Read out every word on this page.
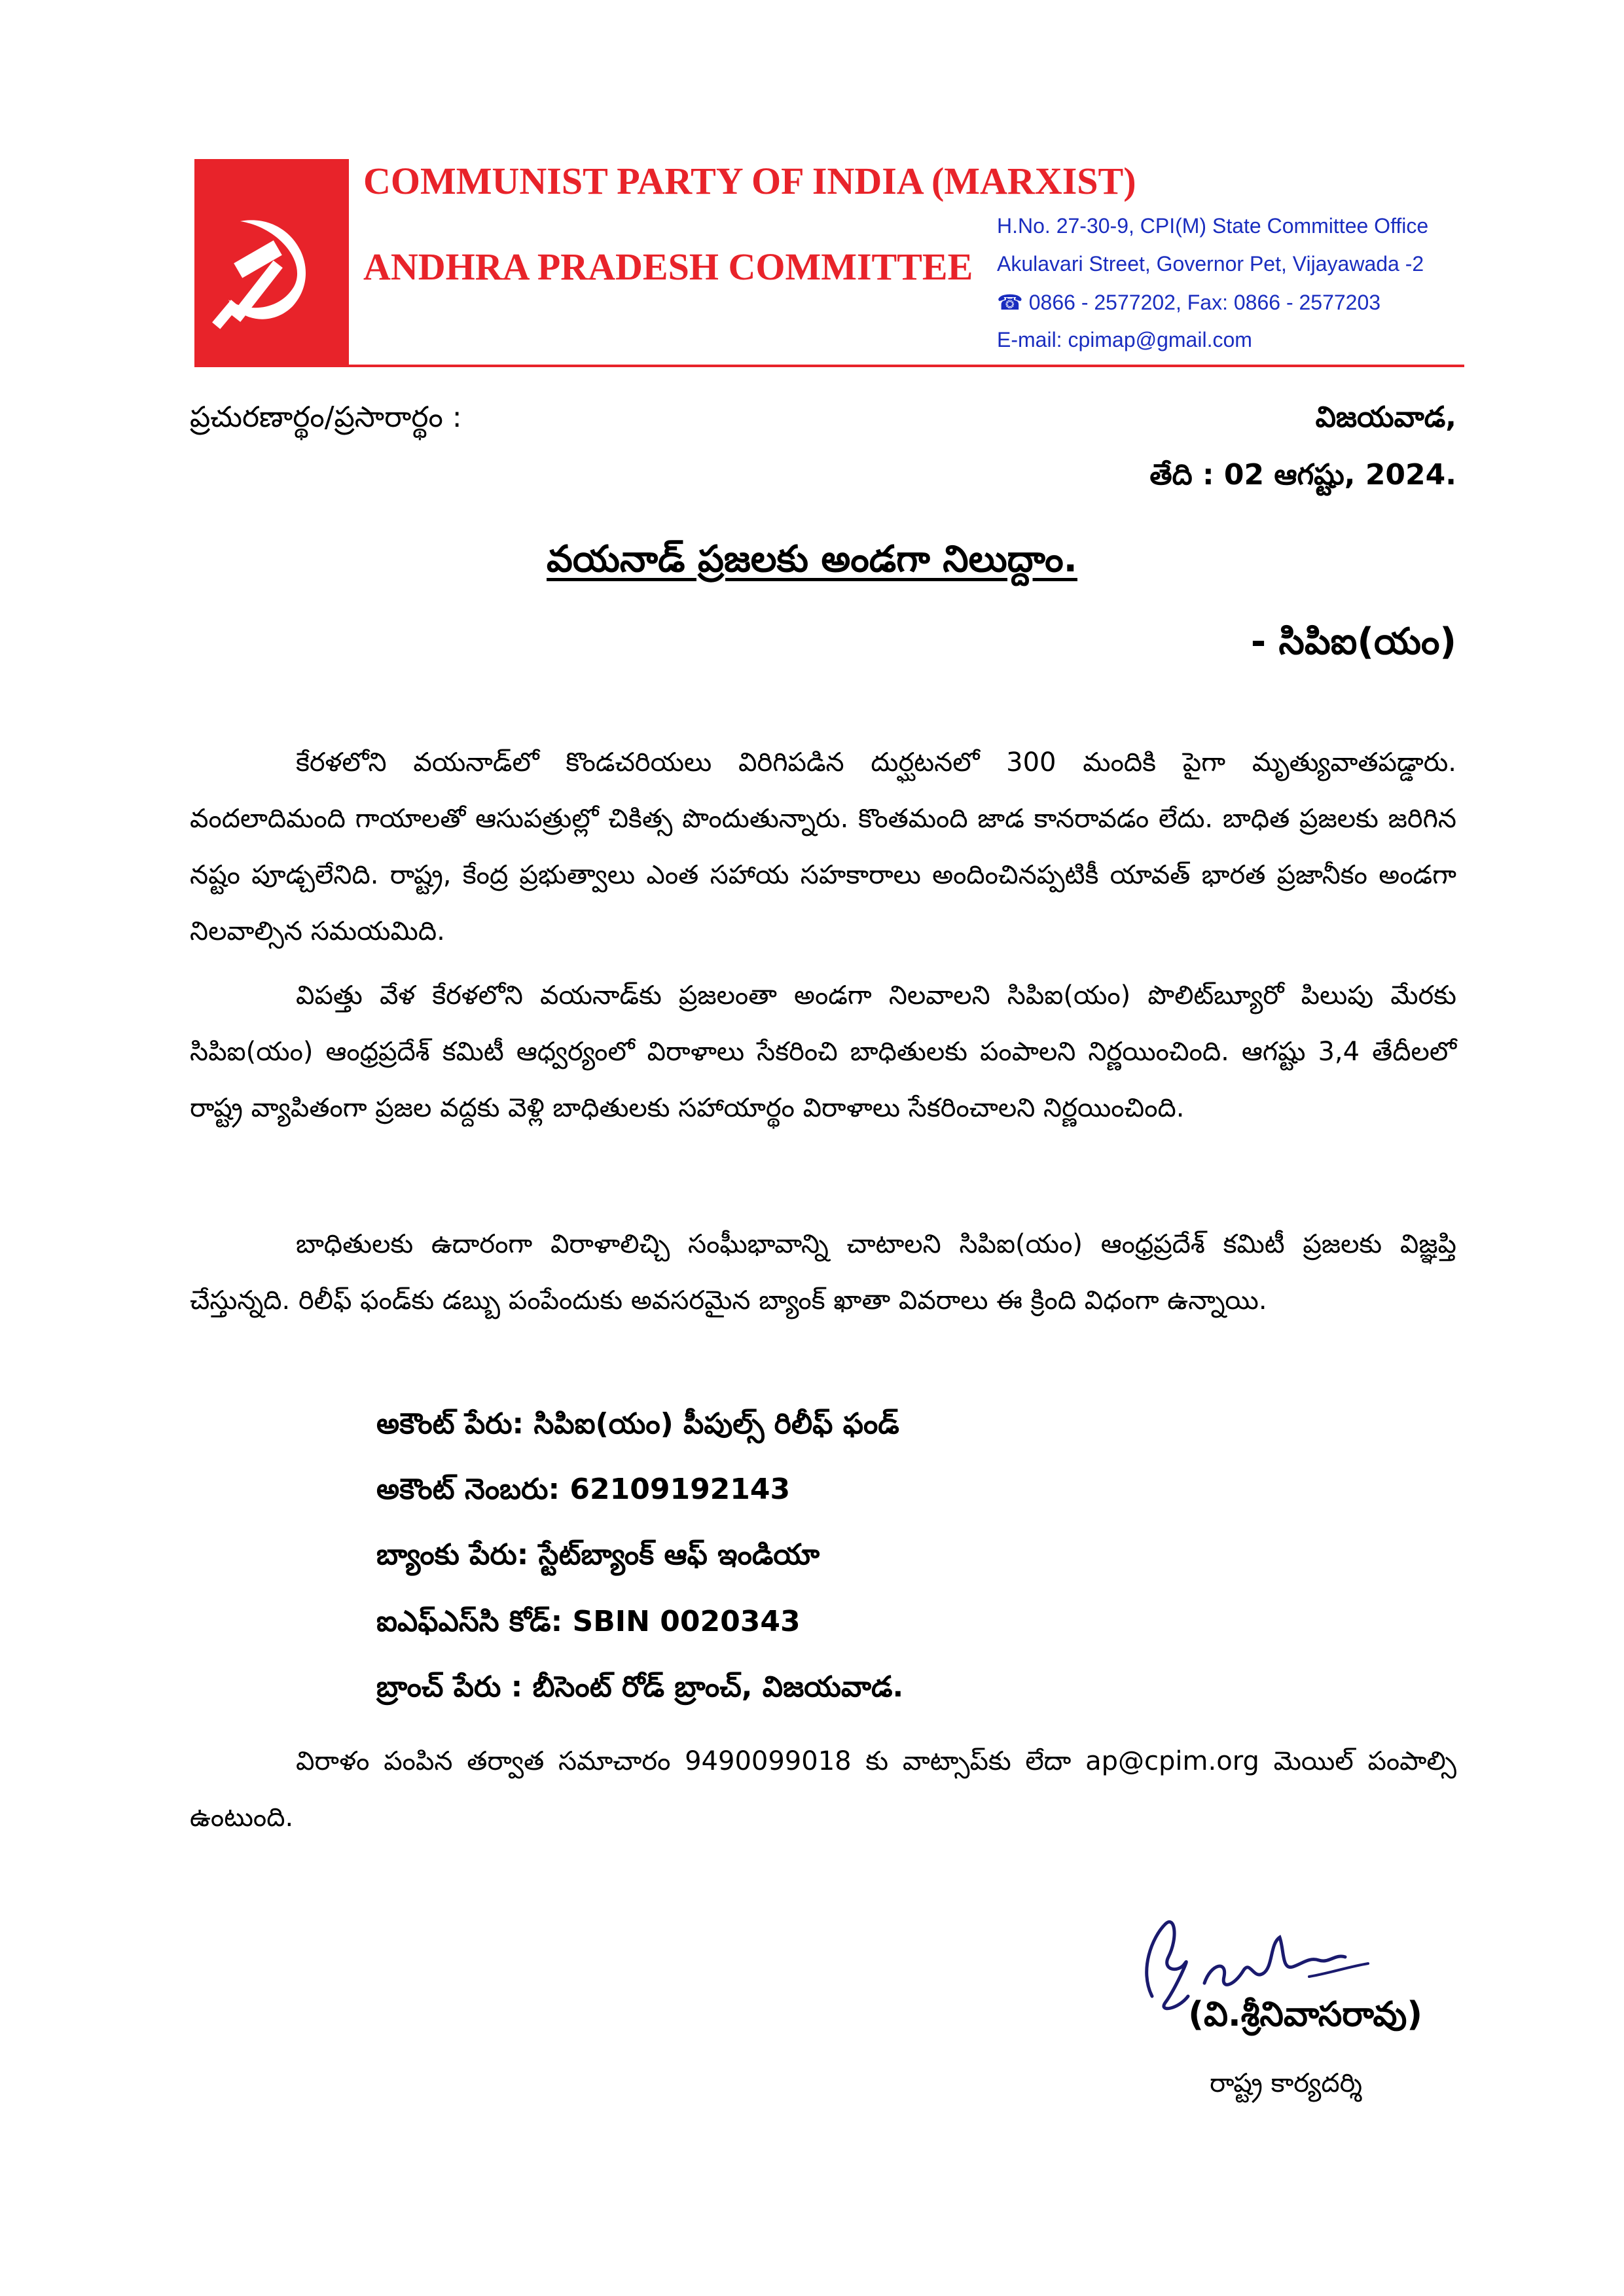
COMMUNIST PARTY OF INDIA (MARXIST)
ANDHRA PRADESH COMMITTEE
H.No. 27-30-9, CPI(M) State Committee Office
Akulavari Street, Governor Pet, Vijayawada -2
☎ 0866 - 2577202, Fax: 0866 - 2577203
E-mail: cpimap@gmail.com
ప్రచురణార్థం/ప్రసారార్థం :	విజయవాడ,
తేది : 02 ఆగష్టు, 2024.
వయనాడ్ ప్రజలకు అండగా నిలుద్దాం.
- సిపిఐ(యం)
కేరళలోని వయనాడ్‌లో కొండచరియలు విరిగిపడిన దుర్ఘటనలో 300 మందికి పైగా మృత్యువాతపడ్డారు. వందలాదిమంది గాయాలతో ఆసుపత్రుల్లో చికిత్స పొందుతున్నారు. కొంతమంది జాడ కానరావడం లేదు. బాధిత ప్రజలకు జరిగిన నష్టం పూడ్చలేనిది. రాష్ట్ర, కేంద్ర ప్రభుత్వాలు ఎంత సహాయ సహకారాలు అందించినప్పటికీ యావత్ భారత ప్రజానీకం అండగా నిలవాల్సిన సమయమిది.
విపత్తు వేళ కేరళలోని వయనాడ్‌కు ప్రజలంతా అండగా నిలవాలని సిపిఐ(యం) పొలిట్‌బ్యూరో పిలుపు మేరకు సిపిఐ(యం) ఆంధ్రప్రదేశ్ కమిటీ ఆధ్వర్యంలో విరాళాలు సేకరించి బాధితులకు పంపాలని నిర్ణయించింది. ఆగష్టు 3,4 తేదీలలో రాష్ట్ర వ్యాపితంగా ప్రజల వద్దకు వెళ్లి బాధితులకు సహాయార్థం విరాళాలు సేకరించాలని నిర్ణయించింది.
బాధితులకు ఉదారంగా విరాళాలిచ్చి సంఘీభావాన్ని చాటాలని సిపిఐ(యం) ఆంధ్రప్రదేశ్ కమిటీ ప్రజలకు విజ్ఞప్తి చేస్తున్నది. రిలీఫ్ ఫండ్‌కు డబ్బు పంపేందుకు అవసరమైన బ్యాంక్ ఖాతా వివరాలు ఈ క్రింది విధంగా ఉన్నాయి.
అకౌంట్ పేరు: సిపిఐ(యం) పీపుల్స్ రిలీఫ్ ఫండ్
అకౌంట్ నెంబరు: 62109192143
బ్యాంకు పేరు: స్టేట్‌బ్యాంక్ ఆఫ్ ఇండియా
ఐఎఫ్ఎస్‌సి కోడ్: SBIN 0020343
బ్రాంచ్ పేరు : బీసెంట్ రోడ్ బ్రాంచ్, విజయవాడ.
విరాళం పంపిన తర్వాత సమాచారం 9490099018 కు వాట్సాప్‌కు లేదా ap@cpim.org మెయిల్ పంపాల్సి ఉంటుంది.
(వి.శ్రీనివాసరావు)
రాష్ట్ర కార్యదర్శి
